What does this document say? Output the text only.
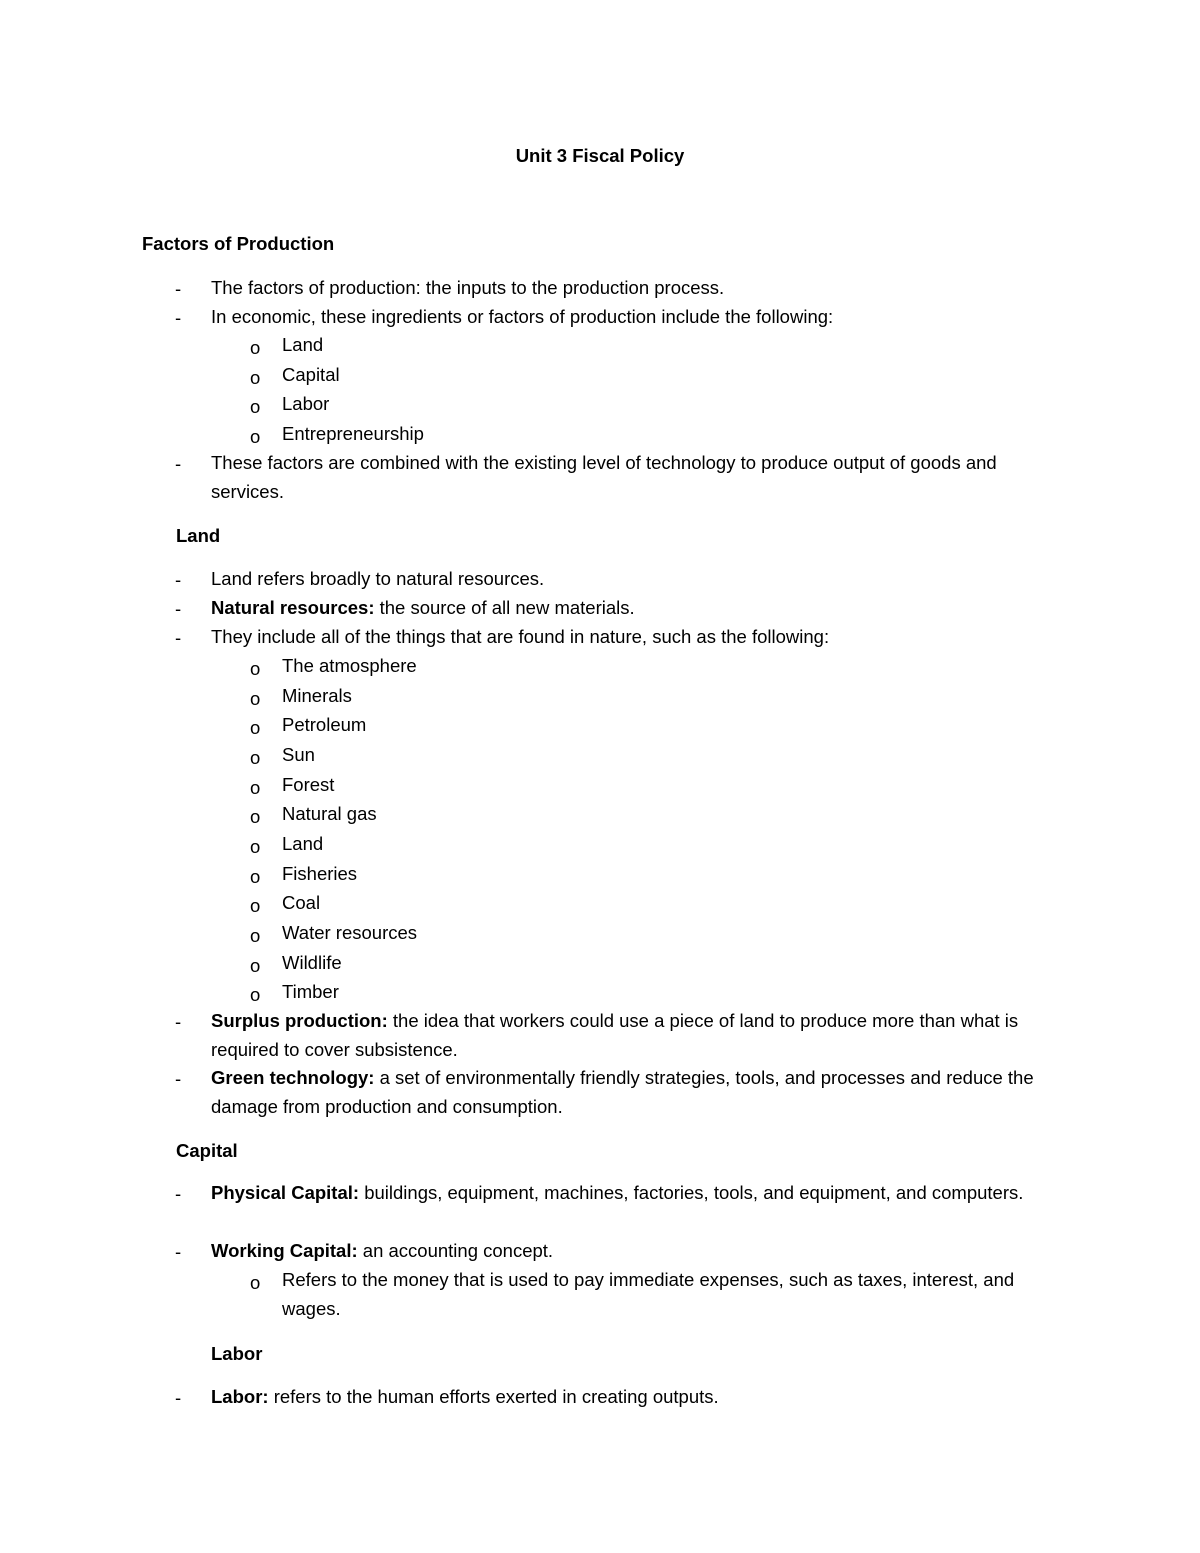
Unit 3 Fiscal Policy
Factors of Production
- The factors of production: the inputs to the production process.
- In economic, these ingredients or factors of production include the following:
o Land
o Capital
o Labor
o Entrepreneurship
- These factors are combined with the existing level of technology to produce output of goods and services.
Land
- Land refers broadly to natural resources.
- Natural resources: the source of all new materials.
- They include all of the things that are found in nature, such as the following:
o The atmosphere
o Minerals
o Petroleum
o Sun
o Forest
o Natural gas
o Land
o Fisheries
o Coal
o Water resources
o Wildlife
o Timber
- Surplus production: the idea that workers could use a piece of land to produce more than what is required to cover subsistence.
- Green technology: a set of environmentally friendly strategies, tools, and processes and reduce the damage from production and consumption.
Capital
- Physical Capital: buildings, equipment, machines, factories, tools, and equipment, and computers.
- Working Capital: an accounting concept.
o Refers to the money that is used to pay immediate expenses, such as taxes, interest, and wages.
Labor
- Labor: refers to the human efforts exerted in creating outputs.
